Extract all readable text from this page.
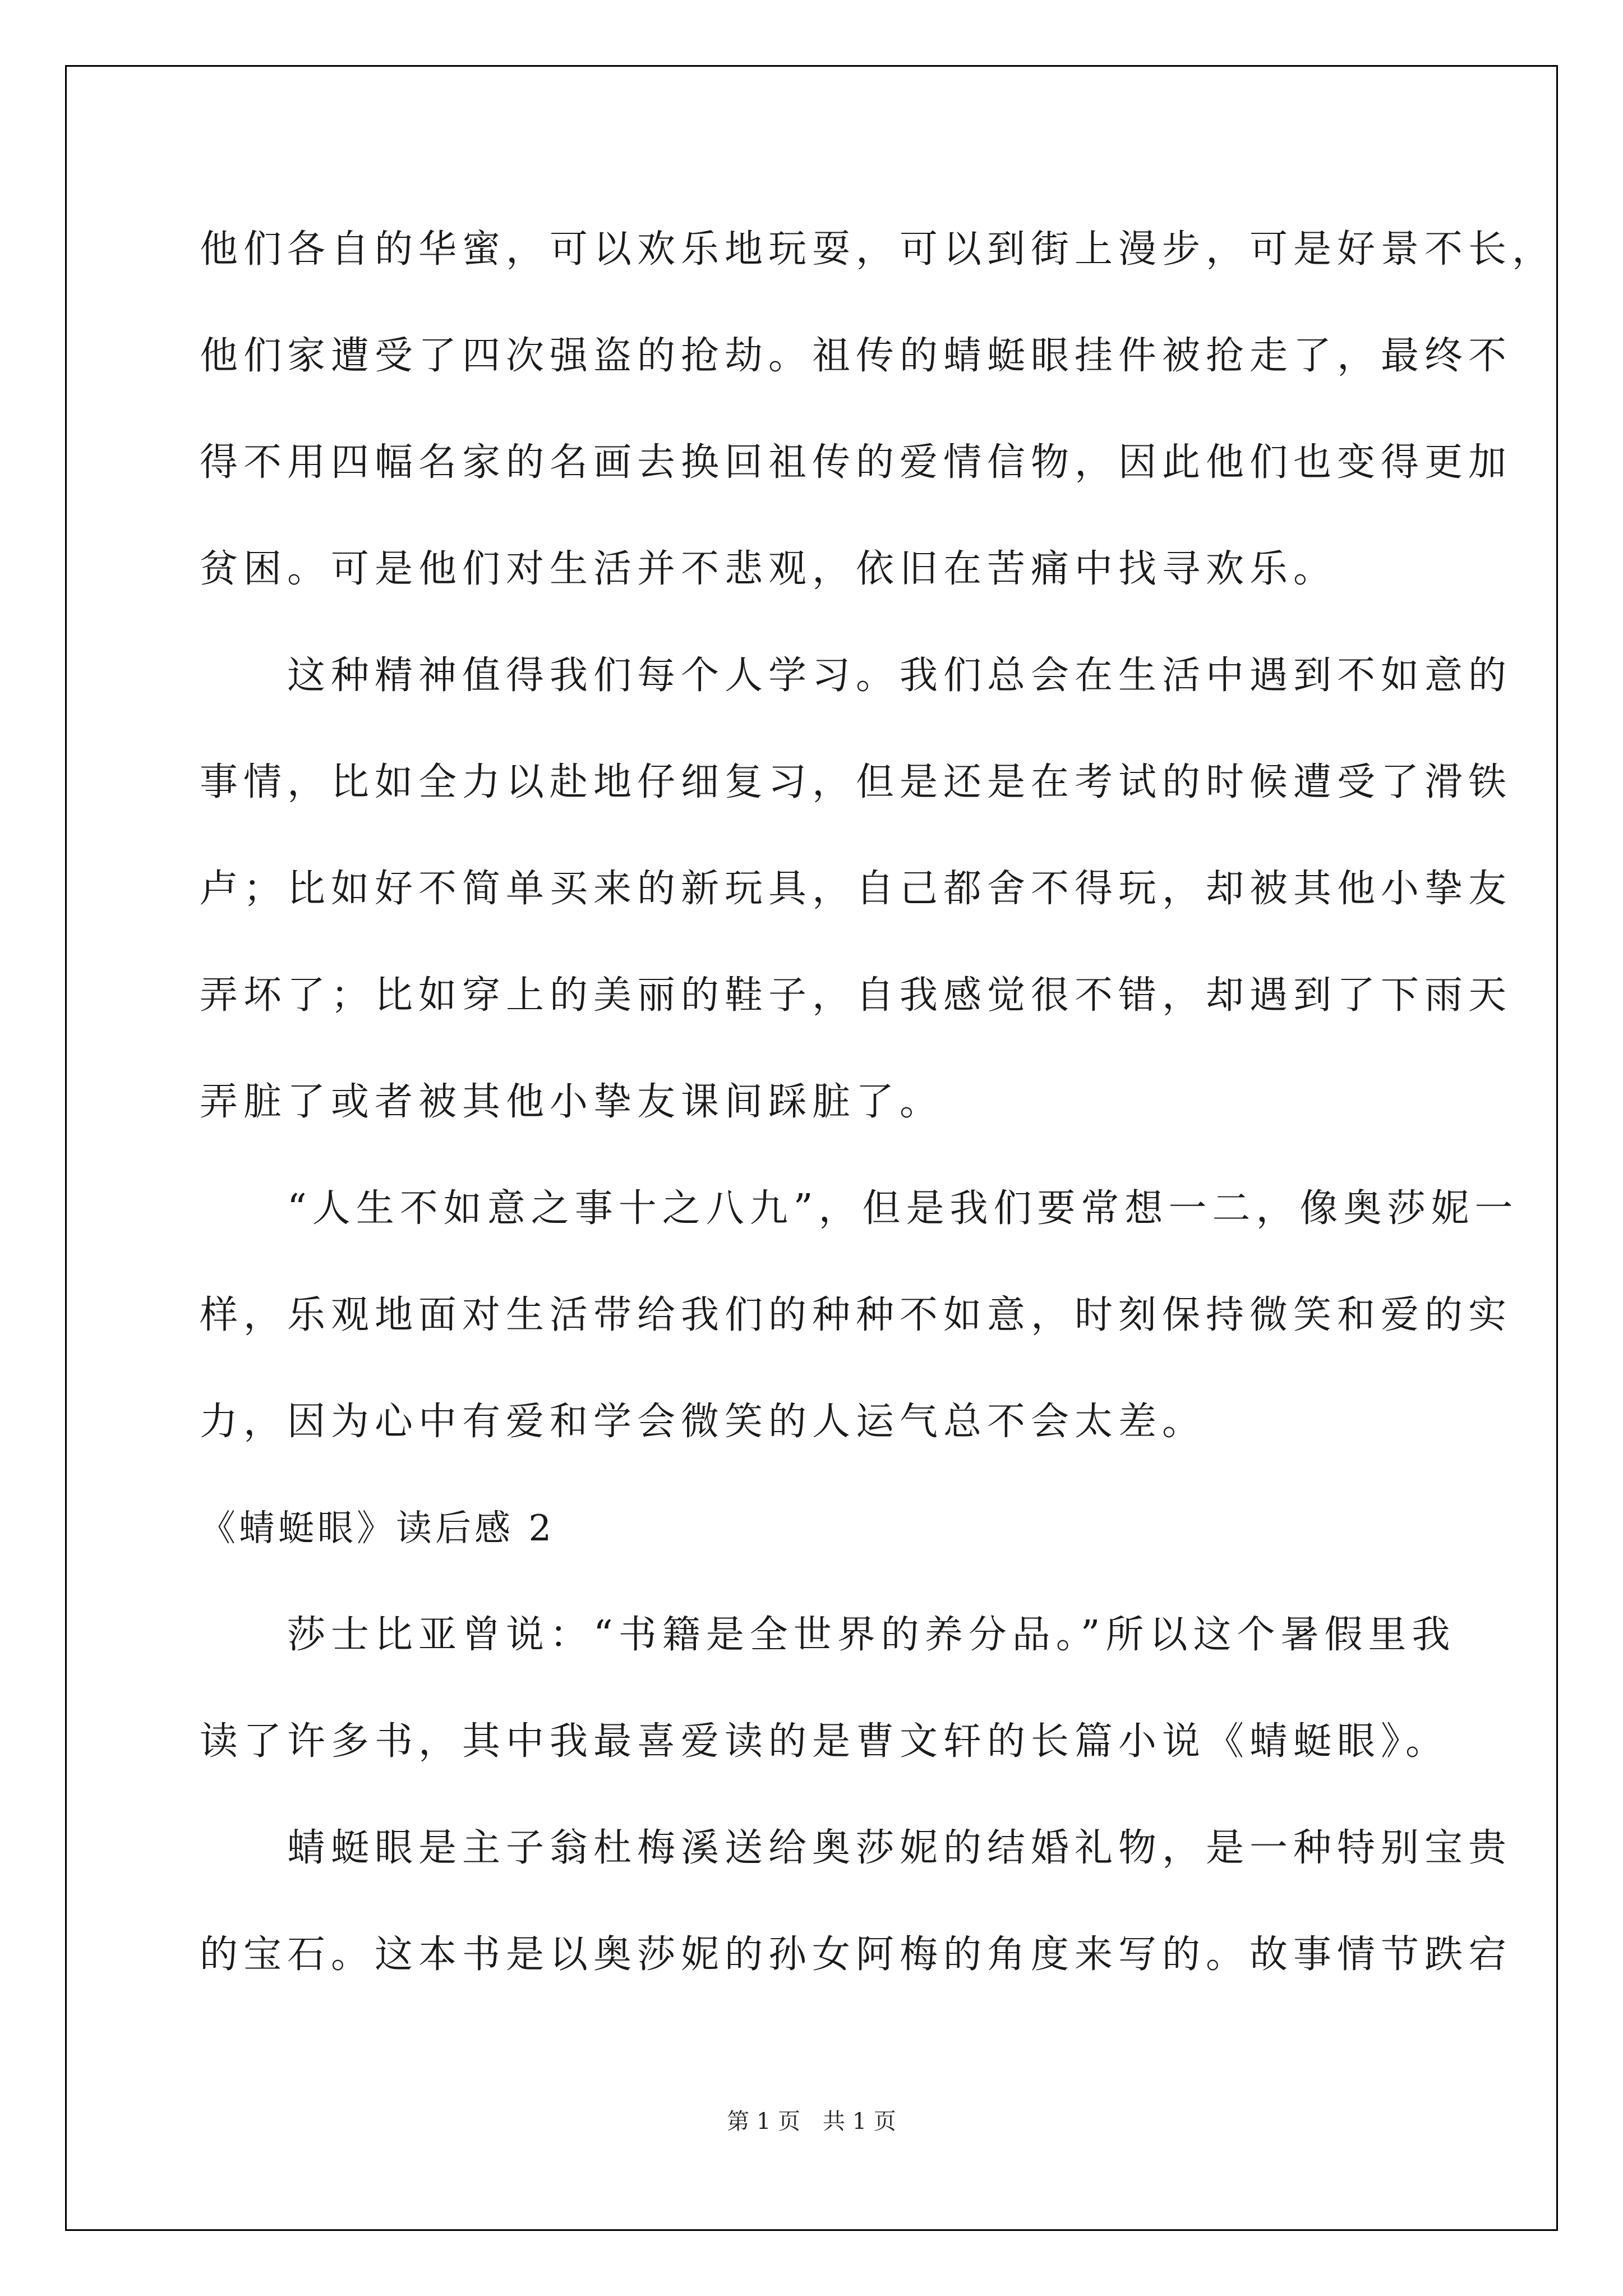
他们各自的华蜜，可以欢乐地玩耍，可以到街上漫步，可是好景不长，
他们家遭受了四次强盗的抢劫。祖传的蜻蜓眼挂件被抢走了，最终不
得不用四幅名家的名画去换回祖传的爱情信物，因此他们也变得更加
贫困。可是他们对生活并不悲观，依旧在苦痛中找寻欢乐。
　　这种精神值得我们每个人学习。我们总会在生活中遇到不如意的
事情，比如全力以赴地仔细复习，但是还是在考试的时候遭受了滑铁
卢；比如好不简单买来的新玩具，自己都舍不得玩，却被其他小挚友
弄坏了；比如穿上的美丽的鞋子，自我感觉很不错，却遇到了下雨天
弄脏了或者被其他小挚友课间踩脏了。
　　“人生不如意之事十之八九”，但是我们要常想一二，像奥莎妮一
样，乐观地面对生活带给我们的种种不如意，时刻保持微笑和爱的实
力，因为心中有爱和学会微笑的人运气总不会太差。
《蜻蜓眼》读后感 2
　　莎士比亚曾说：“书籍是全世界的养分品。”所以这个暑假里我
读了许多书，其中我最喜爱读的是曹文轩的长篇小说《蜻蜓眼》。
　　蜻蜓眼是主子翁杜梅溪送给奥莎妮的结婚礼物，是一种特别宝贵
的宝石。这本书是以奥莎妮的孙女阿梅的角度来写的。故事情节跌宕
第 1 页　共 1 页
